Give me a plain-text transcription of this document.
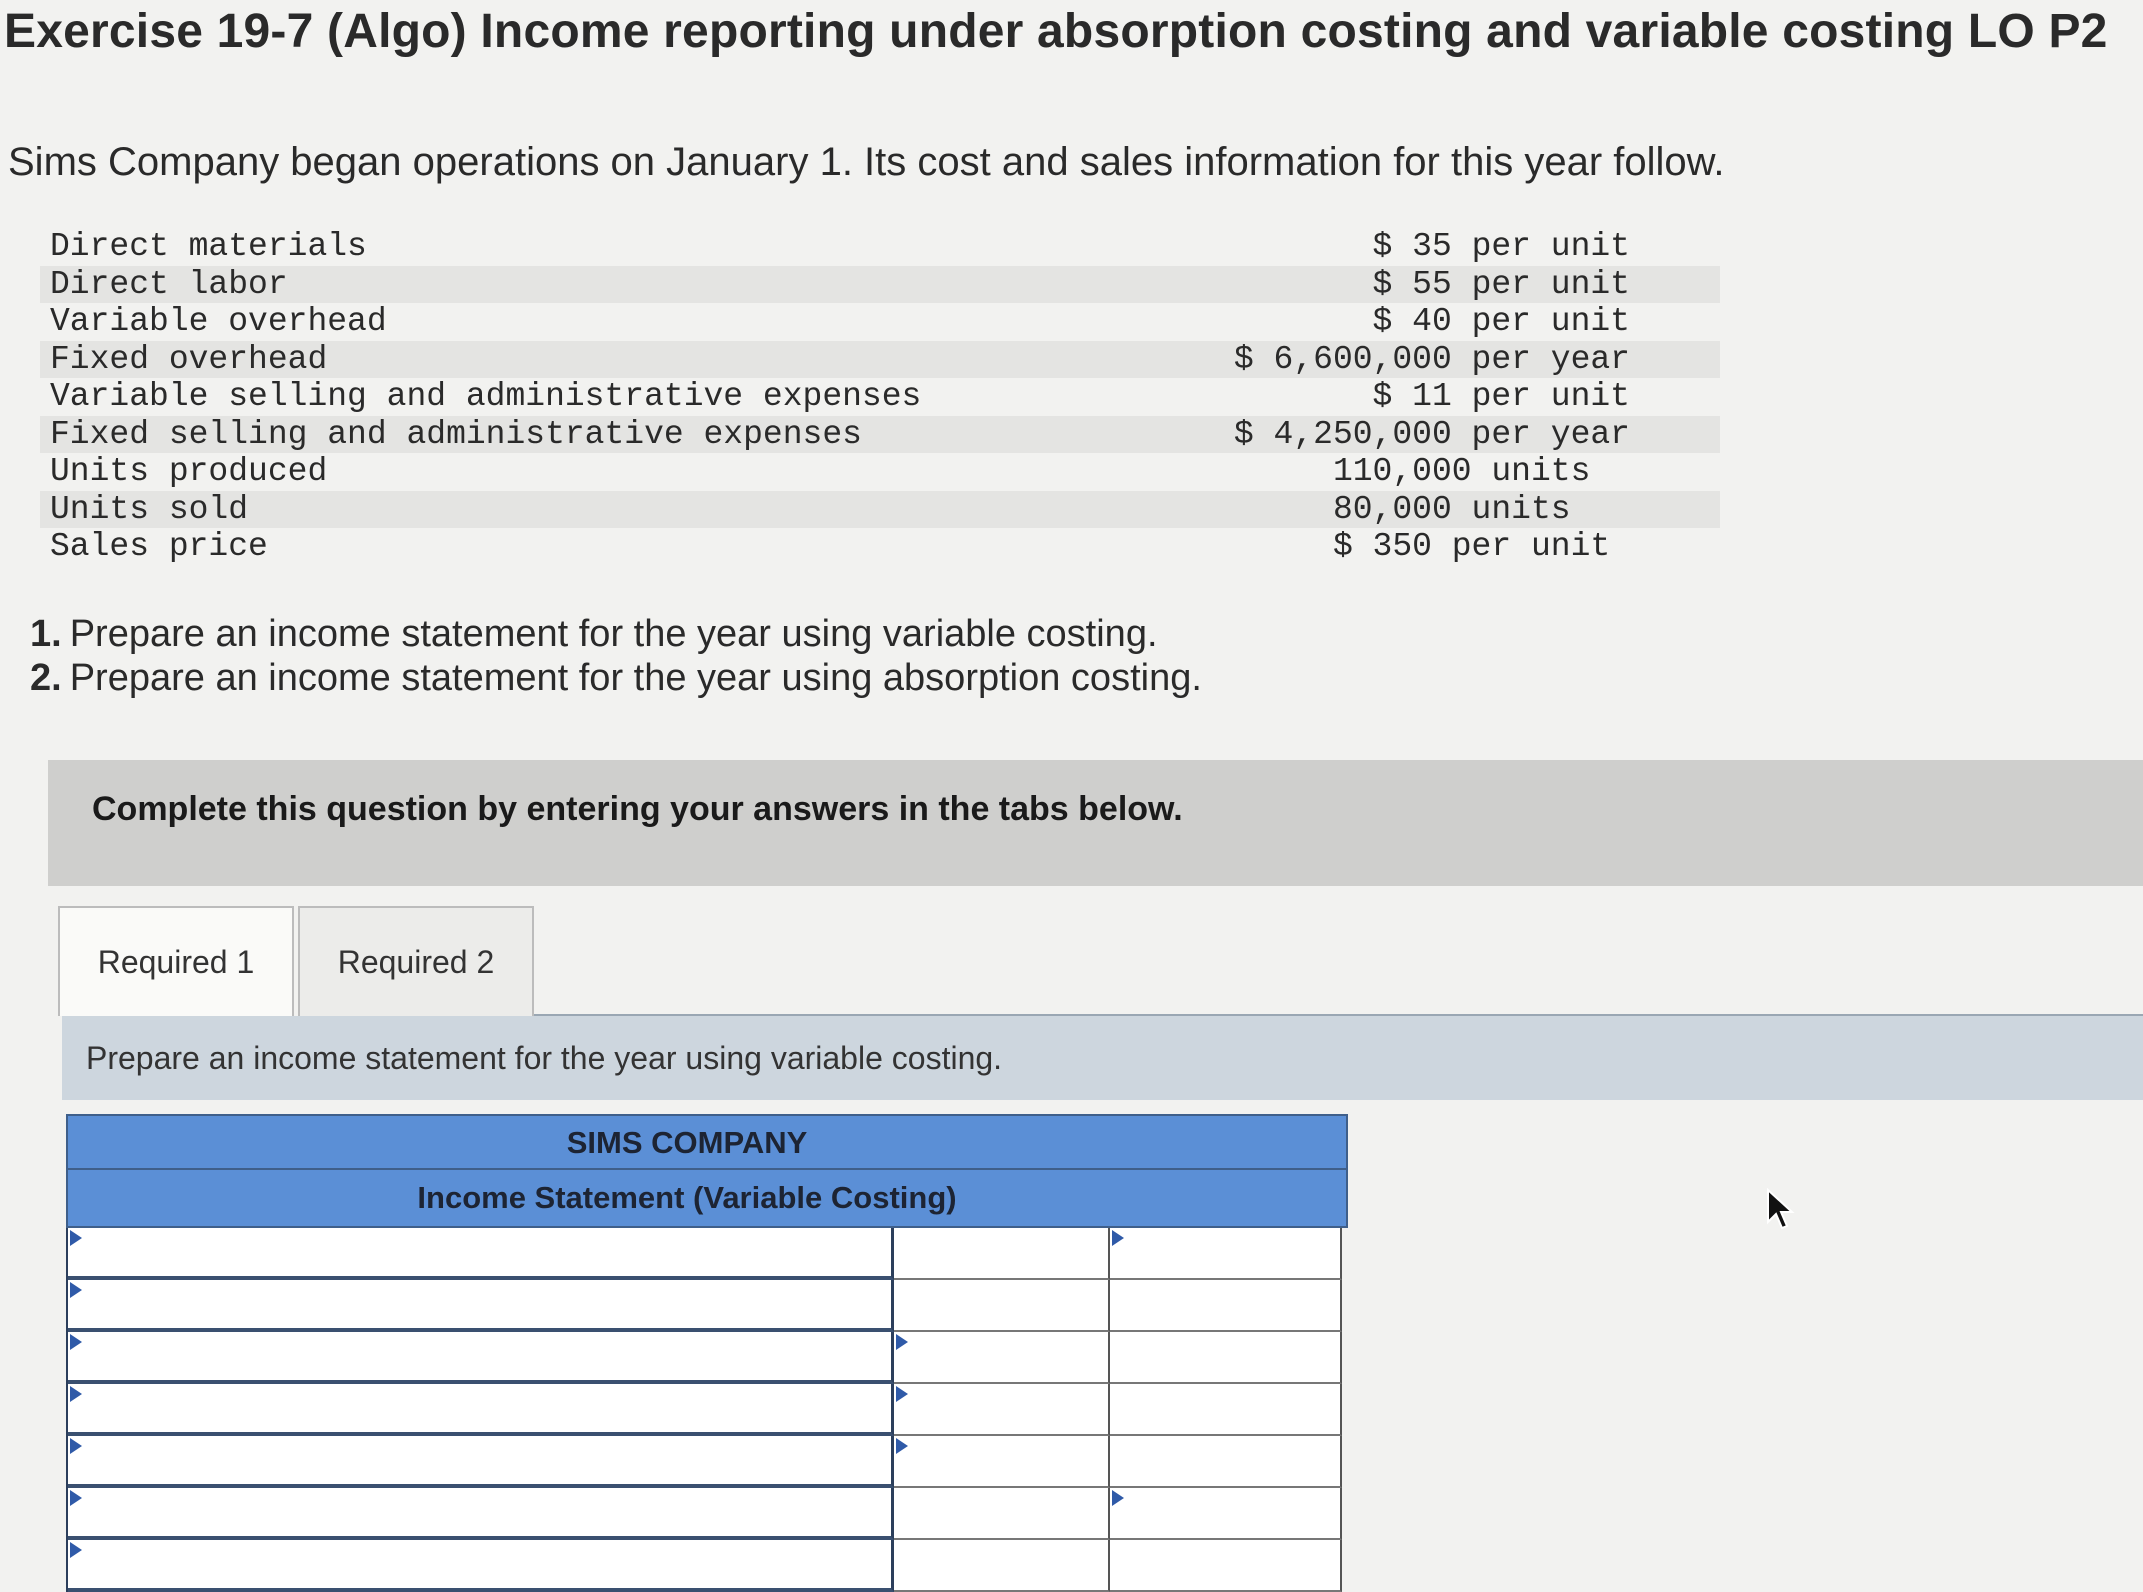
Exercise 19-7 (Algo) Income reporting under absorption costing and variable costing LO P2
Sims Company began operations on January 1. Its cost and sales information for this year follow.
Direct materials	$ 35 per unit
Direct labor	$ 55 per unit
Variable overhead	$ 40 per unit
Fixed overhead	$ 6,600,000 per year
Variable selling and administrative expenses	$ 11 per unit
Fixed selling and administrative expenses	$ 4,250,000 per year
Units produced	110,000 units
Units sold	80,000 units
Sales price	$ 350 per unit
1. Prepare an income statement for the year using variable costing.
2. Prepare an income statement for the year using absorption costing.
Complete this question by entering your answers in the tabs below.
Required 1	Required 2
Prepare an income statement for the year using variable costing.
SIMS COMPANY
Income Statement (Variable Costing)
